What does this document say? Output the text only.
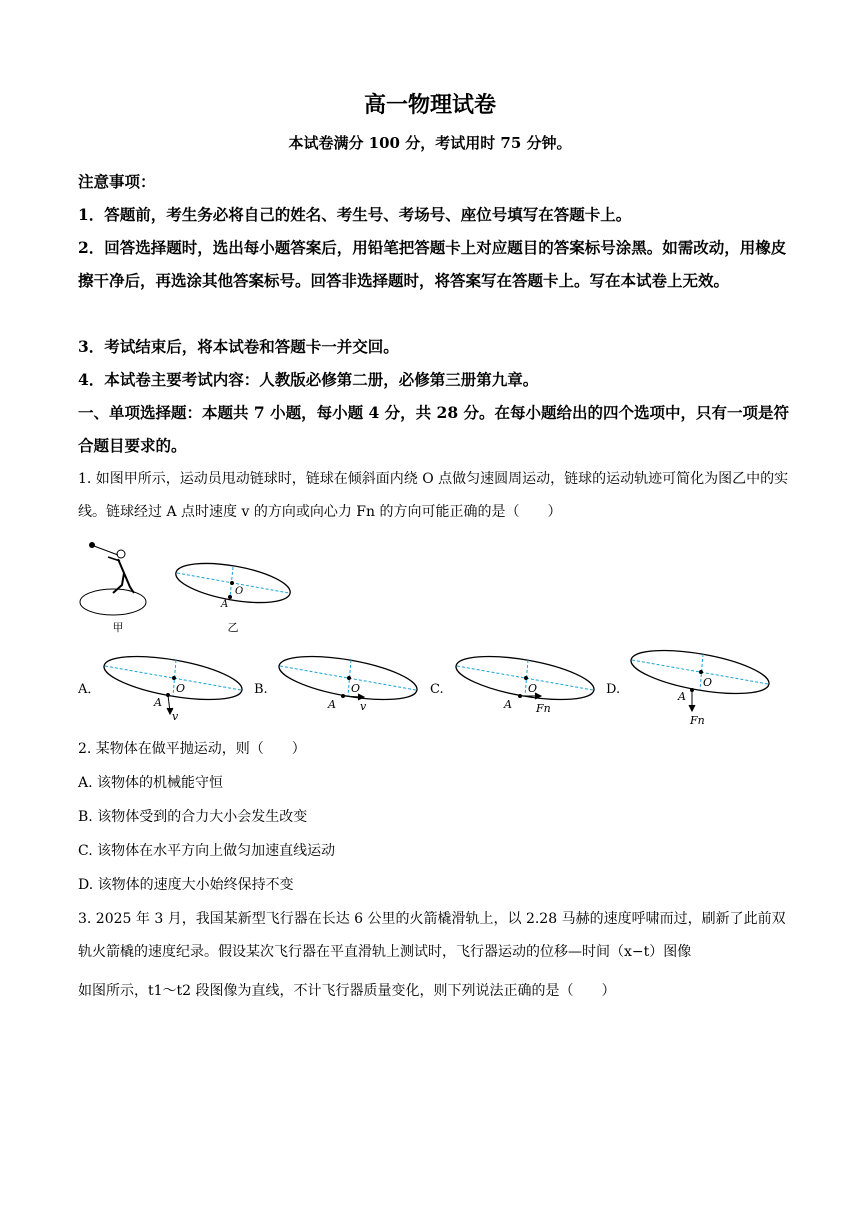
高一物理试卷
本试卷满分 100 分，考试用时 75 分钟。
注意事项：
1．答题前，考生务必将自己的姓名、考生号、考场号、座位号填写在答题卡上。
2．回答选择题时，选出每小题答案后，用铅笔把答题卡上对应题目的答案标号涂黑。如需改动，用橡皮擦干净后，再选涂其他答案标号。回答非选择题时，将答案写在答题卡上。写在本试卷上无效。
3．考试结束后，将本试卷和答题卡一并交回。
4．本试卷主要考试内容：人教版必修第二册，必修第三册第九章。
一、单项选择题：本题共 7 小题，每小题 4 分，共 28 分。在每小题给出的四个选项中，只有一项是符合题目要求的。
1. 如图甲所示，运动员甩动链球时，链球在倾斜面内绕 O 点做匀速圆周运动，链球的运动轨迹可简化为图乙中的实线。链球经过 A 点时速度 v 的方向或向心力 Fn 的方向可能正确的是（　　）
甲
O
A
乙
A．	O
A
v
B.	O
A v
C.	O
A Fn
D.	O
A
Fn
2. 某物体在做平抛运动，则（　　）
A. 该物体的机械能守恒
B. 该物体受到的合力大小会发生改变
C. 该物体在水平方向上做匀加速直线运动
D. 该物体的速度大小始终保持不变
3. 2025 年 3 月，我国某新型飞行器在长达 6 公里的火箭橇滑轨上，以 2.28 马赫的速度呼啸而过，刷新了此前双轨火箭橇的速度纪录。假设某次飞行器在平直滑轨上测试时，飞行器运动的位移—时间（x−t）图像
如图所示，t1～t2 段图像为直线，不计飞行器质量变化，则下列说法正确的是（　　）
